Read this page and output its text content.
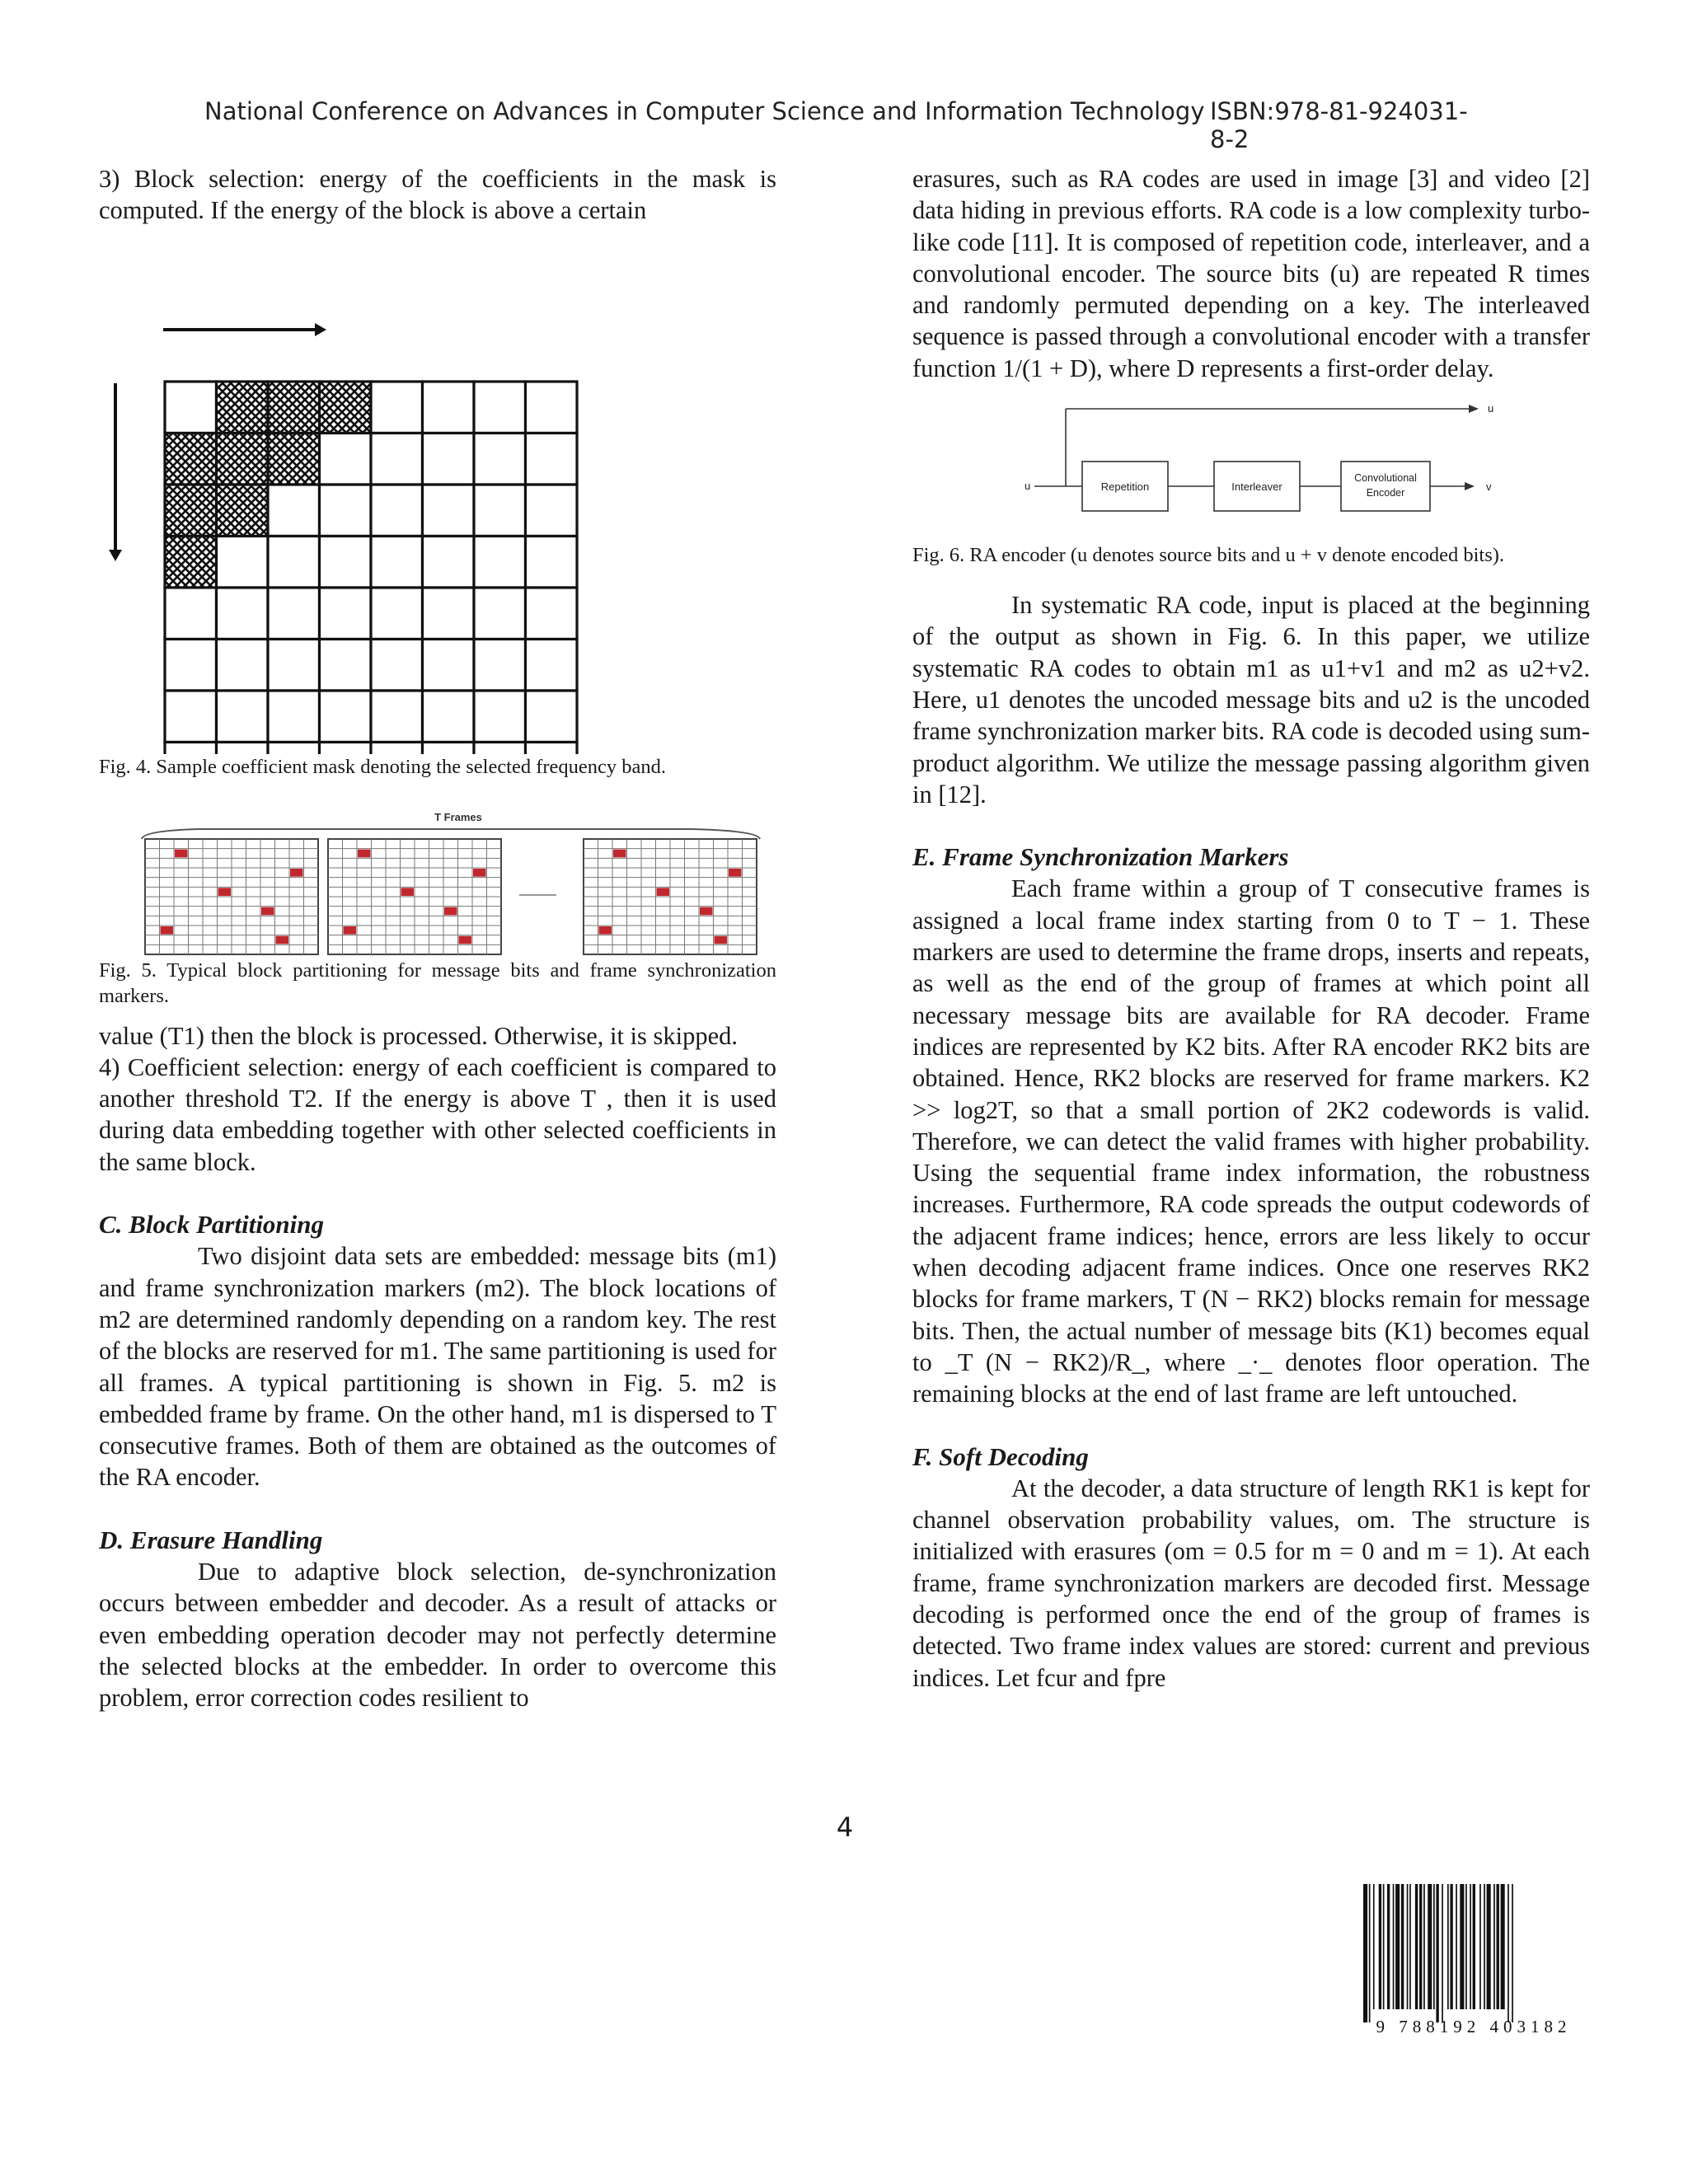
National Conference on Advances in Computer Science and Information Technology ISBN:978-81-924031-8-2

3) Block selection: energy of the coefficients in the mask is computed. If the energy of the block is above a certain

Fig. 4. Sample coefficient mask denoting the selected frequency band.

T Frames

Fig. 5. Typical block partitioning for message bits and frame synchronization markers.

value (T1) then the block is processed. Otherwise, it is skipped.

4) Coefficient selection: energy of each coefficient is compared to another threshold T2. If the energy is above T , then it is used during data embedding together with other selected coefficients in the same block.

C. Block Partitioning

Two disjoint data sets are embedded: message bits (m1) and frame synchronization markers (m2). The block locations of m2 are determined randomly depending on a random key. The rest of the blocks are reserved for m1. The same partitioning is used for all frames. A typical partitioning is shown in Fig. 5. m2 is embedded frame by frame. On the other hand, m1 is dispersed to T consecutive frames. Both of them are obtained as the outcomes of the RA encoder.

D. Erasure Handling

Due to adaptive block selection, de-synchronization occurs between embedder and decoder. As a result of attacks or even embedding operation decoder may not perfectly determine the selected blocks at the embedder. In order to overcome this problem, error correction codes resilient to

erasures, such as RA codes are used in image [3] and video [2] data hiding in previous efforts. RA code is a low complexity turbo-like code [11]. It is composed of repetition code, interleaver, and a convolutional encoder. The source bits (u) are repeated R times and randomly permuted depending on a key. The interleaved sequence is passed through a convolutional encoder with a transfer function 1/(1 + D), where D represents a first-order delay.

u
u
Repetition	Interleaver
Convolutional
Encoder	v

Fig. 6. RA encoder (u denotes source bits and u + v denote encoded bits).

In systematic RA code, input is placed at the beginning of the output as shown in Fig. 6. In this paper, we utilize systematic RA codes to obtain m1 as u1+v1 and m2 as u2+v2. Here, u1 denotes the uncoded message bits and u2 is the uncoded frame synchronization marker bits. RA code is decoded using sum-product algorithm. We utilize the message passing algorithm given in [12].

E. Frame Synchronization Markers

Each frame within a group of T consecutive frames is assigned a local frame index starting from 0 to T − 1. These markers are used to determine the frame drops, inserts and repeats, as well as the end of the group of frames at which point all necessary message bits are available for RA decoder. Frame indices are represented by K2 bits. After RA encoder RK2 bits are obtained. Hence, RK2 blocks are reserved for frame markers. K2 >> log2T, so that a small portion of 2K2 codewords is valid. Therefore, we can detect the valid frames with higher probability. Using the sequential frame index information, the robustness increases. Furthermore, RA code spreads the output codewords of the adjacent frame indices; hence, errors are less likely to occur when decoding adjacent frame indices. Once one reserves RK2 blocks for frame markers, T (N − RK2) blocks remain for message bits. Then, the actual number of message bits (K1) becomes equal to _T (N − RK2)/R_, where _·_ denotes floor operation. The remaining blocks at the end of last frame are left untouched.

F. Soft Decoding

At the decoder, a data structure of length RK1 is kept for channel observation probability values, om. The structure is initialized with erasures (om = 0.5 for m = 0 and m = 1). At each frame, frame synchronization markers are decoded first. Message decoding is performed once the end of the group of frames is detected. Two frame index values are stored: current and previous indices. Let fcur and fpre

4
9 788192 403182
